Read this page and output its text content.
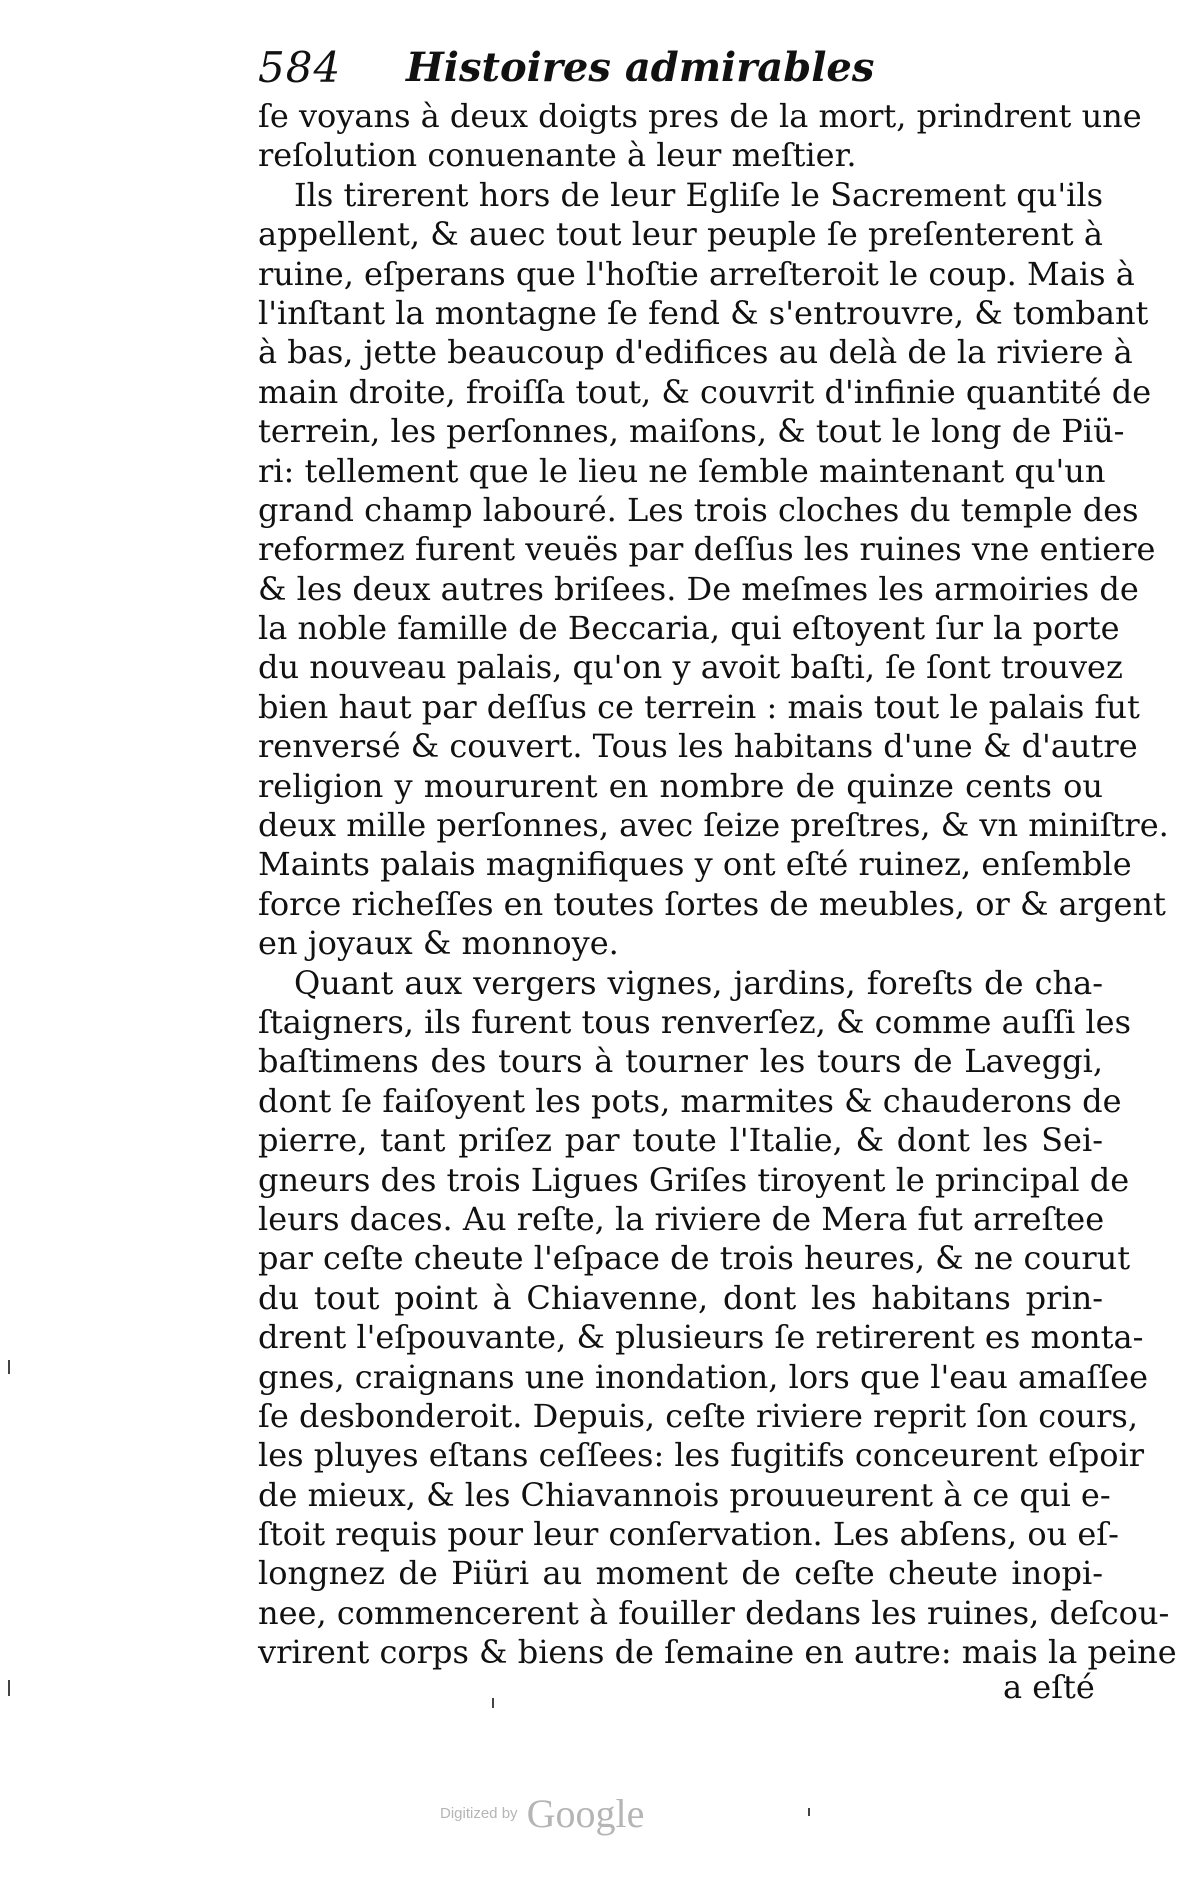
584 Histoires admirables
ſe voyans à deux doigts pres de la mort, prindrent une
reſolution conuenante à leur meſtier.
Ils tirerent hors de leur Egliſe le Sacrement qu'ils
appellent, & auec tout leur peuple ſe preſenterent à
ruine, eſperans que l'hoſtie arreſteroit le coup. Mais à
l'inſtant la montagne ſe fend & s'entrouvre, & tombant
à bas, jette beaucoup d'edifices au delà de la riviere à
main droite, froiſſa tout, & couvrit d'infinie quantité de
terrein, les perſonnes, maiſons, & tout le long de Piü-
ri: tellement que le lieu ne ſemble maintenant qu'un
grand champ labouré. Les trois cloches du temple des
reformez furent veuës par deſſus les ruines vne entiere
& les deux autres briſees. De meſmes les armoiries de
la noble famille de Beccaria, qui eſtoyent ſur la porte
du nouveau palais, qu'on y avoit baſti, ſe ſont trouvez
bien haut par deſſus ce terrein : mais tout le palais fut
renversé & couvert. Tous les habitans d'une & d'autre
religion y moururent en nombre de quinze cents ou
deux mille perſonnes, avec ſeize preſtres, & vn miniſtre.
Maints palais magnifiques y ont eſté ruinez, enſemble
force richeſſes en toutes ſortes de meubles, or & argent
en joyaux & monnoye.
Quant aux vergers vignes, jardins, foreſts de cha-
ſtaigners, ils furent tous renverſez, & comme auſſi les
baſtimens des tours à tourner les tours de Laveggi,
dont ſe faiſoyent les pots, marmites & chauderons de
pierre, tant priſez par toute l'Italie, & dont les Sei-
gneurs des trois Ligues Griſes tiroyent le principal de
leurs daces. Au reſte, la riviere de Mera fut arreſtee
par ceſte cheute l'eſpace de trois heures, & ne courut
du tout point à Chiavenne, dont les habitans prin-
drent l'eſpouvante, & plusieurs ſe retirerent es monta-
gnes, craignans une inondation, lors que l'eau amaſſee
ſe desbonderoit. Depuis, ceſte riviere reprit ſon cours,
les pluyes eſtans ceſſees: les fugitifs conceurent eſpoir
de mieux, & les Chiavannois prouueurent à ce qui e-
ſtoit requis pour leur conſervation. Les abſens, ou eſ-
longnez de Piüri au moment de ceſte cheute inopi-
nee, commencerent à fouiller dedans les ruines, deſcou-
vrirent corps & biens de ſemaine en autre: mais la peine
a eſté
Digitized by Google
